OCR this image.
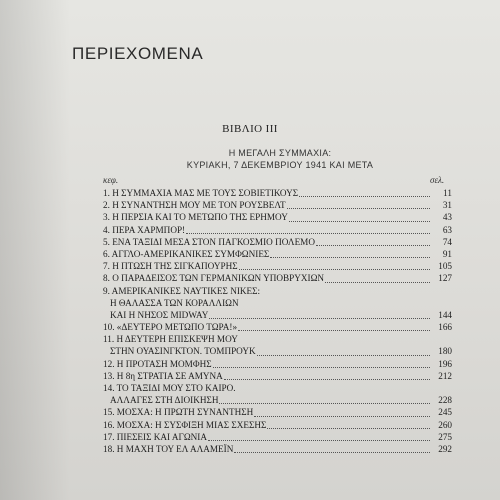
ΠΕΡΙΕΧΟΜΕΝΑ
ΒΙΒΛΙΟ ΙΙΙ
Η ΜΕΓΑΛΗ ΣΥΜΜΑΧΙΑ:
ΚΥΡΙΑΚΗ, 7 ΔΕΚΕΜΒΡΙΟΥ 1941 ΚΑΙ ΜΕΤΑ
κεφ.	σελ.
1. Η ΣΥΜΜΑΧΙΑ ΜΑΣ ΜΕ ΤΟΥΣ ΣΟΒΙΕΤΙΚΟΥΣ	11
2. Η ΣΥΝΑΝΤΗΣΗ ΜΟΥ ΜΕ ΤΟΝ ΡΟΥΣΒΕΛΤ	31
3. Η ΠΕΡΣΙΑ ΚΑΙ ΤΟ ΜΕΤΩΠΟ ΤΗΣ ΕΡΗΜΟΥ	43
4. ΠΕΡΑ ΧΑΡΜΠΟΡ!	63
5. ΕΝΑ ΤΑΞΙΔΙ ΜΕΣΑ ΣΤΟΝ ΠΑΓΚΟΣΜΙΟ ΠΟΛΕΜΟ	74
6. ΑΓΓΛΟ-ΑΜΕΡΙΚΑΝΙΚΕΣ ΣΥΜΦΩΝΙΕΣ	91
7. Η ΠΤΩΣΗ ΤΗΣ ΣΙΓΚΑΠΟΥΡΗΣ	105
8. Ο ΠΑΡΑΔΕΙΣΟΣ ΤΩΝ ΓΕΡΜΑΝΙΚΩΝ ΥΠΟΒΡΥΧΙΩΝ	127
9. ΑΜΕΡΙΚΑΝΙΚΕΣ ΝΑΥΤΙΚΕΣ ΝΙΚΕΣ:
Η ΘΑΛΑΣΣΑ ΤΩΝ ΚΟΡΑΛΛΙΩΝ
ΚΑΙ Η ΝΗΣΟΣ MIDWAY	144
10. «ΔΕΥΤΕΡΟ ΜΕΤΩΠΟ ΤΩΡΑ!»	166
11. Η ΔΕΥΤΕΡΗ ΕΠΙΣΚΕΨΗ ΜΟΥ
ΣΤΗΝ ΟΥΑΣΙΝΓΚΤΟΝ. ΤΟΜΠΡΟΥΚ	180
12. Η ΠΡΟΤΑΣΗ ΜΟΜΦΗΣ	196
13. Η 8η ΣΤΡΑΤΙΑ ΣΕ ΑΜΥΝΑ	212
14. ΤΟ ΤΑΞΙΔΙ ΜΟΥ ΣΤΟ ΚΑΙΡΟ.
ΑΛΛΑΓΕΣ ΣΤΗ ΔΙΟΙΚΗΣΗ	228
15. ΜΟΣΧΑ: Η ΠΡΩΤΗ ΣΥΝΑΝΤΗΣΗ	245
16. ΜΟΣΧΑ: Η ΣΥΣΦΙΞΗ ΜΙΑΣ ΣΧΕΣΗΣ	260
17. ΠΙΕΣΕΙΣ ΚΑΙ ΑΓΩΝΙΑ	275
18. Η ΜΑΧΗ ΤΟΥ ΕΛ ΑΛΑΜΕΪΝ	292
